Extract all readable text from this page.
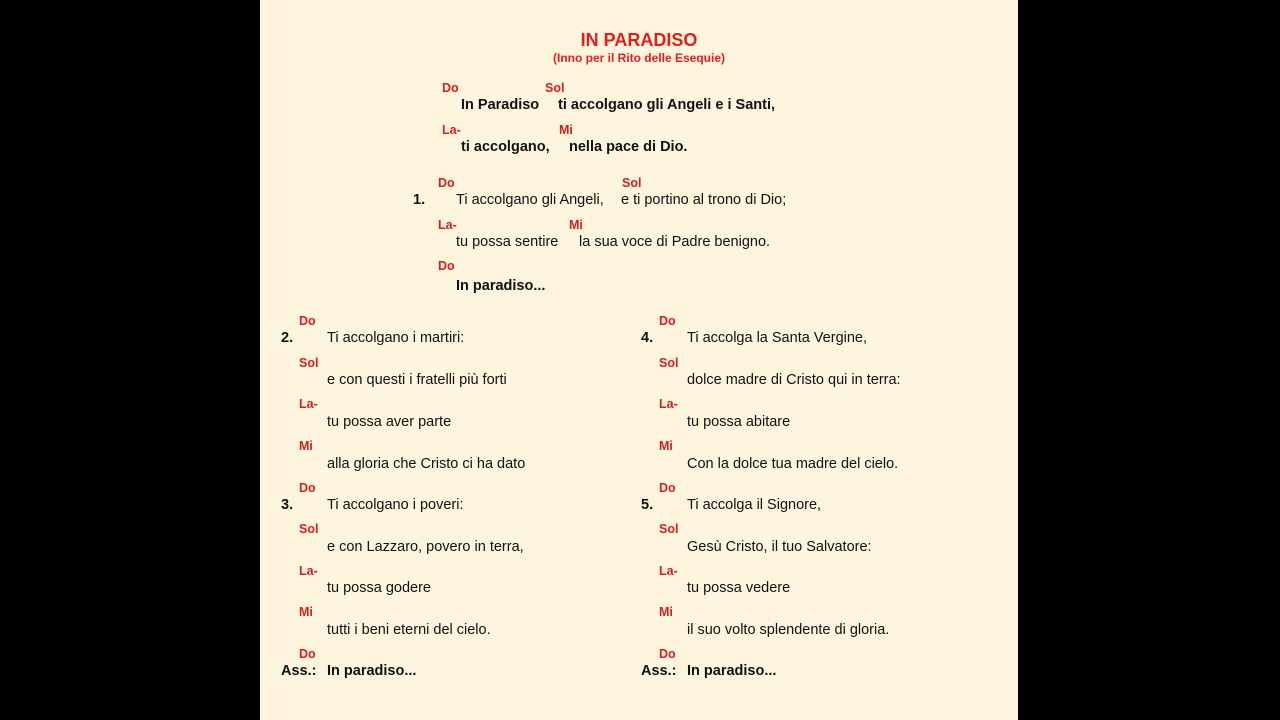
IN PARADISO
(Inno per il Rito delle Esequie)
Do	Sol
In Paradiso ti accolgano gli Angeli e i Santi,
La-	Mi
ti accolgano, nella pace di Dio.
Do	Sol
1. Ti accolgano gli Angeli, e ti portino al trono di Dio;
La-	Mi
tu possa sentire la sua voce di Padre benigno.
Do
In paradiso...
Do
2. Ti accolgano i martiri:
Sol
e con questi i fratelli più forti
La-
tu possa aver parte
Mi
alla gloria che Cristo ci ha dato
Do
3. Ti accolgano i poveri:
Sol
e con Lazzaro, povero in terra,
La-
tu possa godere
Mi
tutti i beni eterni del cielo.
Do
Ass.: In paradiso...
Do
4. Ti accolga la Santa Vergine,
Sol
dolce madre di Cristo qui in terra:
La-
tu possa abitare
Mi
Con la dolce tua madre del cielo.
Do
5. Ti accolga il Signore,
Sol
Gesù Cristo, il tuo Salvatore:
La-
tu possa vedere
Mi
il suo volto splendente di gloria.
Do
Ass.: In paradiso...
